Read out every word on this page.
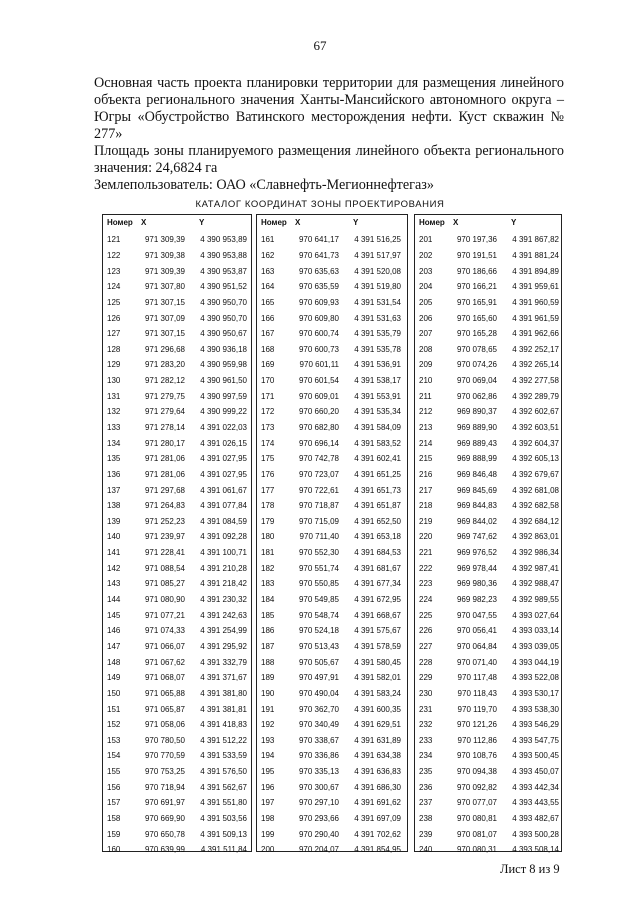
67

Основная часть проекта планировки территории для размещения линейного объекта регионального значения Ханты-Мансийского автономного округа – Югры «Обустройство Ватинского месторождения нефти. Куст скважин № 277»

Площадь зоны планируемого размещения линейного объекта регионального значения: 24,6824 га

Землепользователь: ОАО «Славнефть-Мегионнефтегаз»

КАТАЛОГ КООРДИНАТ ЗОНЫ ПРОЕКТИРОВАНИЯ
Номер	X	Y
121	971 309,39	4 390 953,89
122	971 309,38	4 390 953,88
123	971 309,39	4 390 953,87
124	971 307,80	4 390 951,52
125	971 307,15	4 390 950,70
126	971 307,09	4 390 950,70
127	971 307,15	4 390 950,67
128	971 296,68	4 390 936,18
129	971 283,20	4 390 959,98
130	971 282,12	4 390 961,50
131	971 279,75	4 390 997,59
132	971 279,64	4 390 999,22
133	971 278,14	4 391 022,03
134	971 280,17	4 391 026,15
135	971 281,06	4 391 027,95
136	971 281,06	4 391 027,95
137	971 297,68	4 391 061,67
138	971 264,83	4 391 077,84
139	971 252,23	4 391 084,59
140	971 239,97	4 391 092,28
141	971 228,41	4 391 100,71
142	971 088,54	4 391 210,28
143	971 085,27	4 391 218,42
144	971 080,90	4 391 230,32
145	971 077,21	4 391 242,63
146	971 074,33	4 391 254,99
147	971 066,07	4 391 295,92
148	971 067,62	4 391 332,79
149	971 068,07	4 391 371,67
150	971 065,88	4 391 381,80
151	971 065,87	4 391 381,81
152	971 058,06	4 391 418,83
153	970 780,50	4 391 512,22
154	970 770,59	4 391 533,59
155	970 753,25	4 391 576,50
156	970 718,94	4 391 562,67
157	970 691,97	4 391 551,80
158	970 669,90	4 391 503,56
159	970 650,78	4 391 509,13
160	970 639,99	4 391 511,84
Номер	X	Y
161	970 641,17	4 391 516,25
162	970 641,73	4 391 517,97
163	970 635,63	4 391 520,08
164	970 635,59	4 391 519,80
165	970 609,93	4 391 531,54
166	970 609,80	4 391 531,63
167	970 600,74	4 391 535,79
168	970 600,73	4 391 535,78
169	970 601,11	4 391 536,91
170	970 601,54	4 391 538,17
171	970 609,01	4 391 553,91
172	970 660,20	4 391 535,34
173	970 682,80	4 391 584,09
174	970 696,14	4 391 583,52
175	970 742,78	4 391 602,41
176	970 723,07	4 391 651,25
177	970 722,61	4 391 651,73
178	970 718,87	4 391 651,87
179	970 715,09	4 391 652,50
180	970 711,40	4 391 653,18
181	970 552,30	4 391 684,53
182	970 551,74	4 391 681,67
183	970 550,85	4 391 677,34
184	970 549,85	4 391 672,95
185	970 548,74	4 391 668,67
186	970 524,18	4 391 575,67
187	970 513,43	4 391 578,59
188	970 505,67	4 391 580,45
189	970 497,91	4 391 582,01
190	970 490,04	4 391 583,24
191	970 362,70	4 391 600,35
192	970 340,49	4 391 629,51
193	970 338,67	4 391 631,89
194	970 336,86	4 391 634,38
195	970 335,13	4 391 636,83
196	970 300,67	4 391 686,30
197	970 297,10	4 391 691,62
198	970 293,66	4 391 697,09
199	970 290,40	4 391 702,62
200	970 204,07	4 391 854,95
Номер	X	Y
201	970 197,36	4 391 867,82
202	970 191,51	4 391 881,24
203	970 186,66	4 391 894,89
204	970 166,21	4 391 959,61
205	970 165,91	4 391 960,59
206	970 165,60	4 391 961,59
207	970 165,28	4 391 962,66
208	970 078,65	4 392 252,17
209	970 074,26	4 392 265,14
210	970 069,04	4 392 277,58
211	970 062,86	4 392 289,79
212	969 890,37	4 392 602,67
213	969 889,90	4 392 603,51
214	969 889,43	4 392 604,37
215	969 888,99	4 392 605,13
216	969 846,48	4 392 679,67
217	969 845,69	4 392 681,08
218	969 844,83	4 392 682,58
219	969 844,02	4 392 684,12
220	969 747,62	4 392 863,01
221	969 976,52	4 392 986,34
222	969 978,44	4 392 987,41
223	969 980,36	4 392 988,47
224	969 982,23	4 392 989,55
225	970 047,55	4 393 027,64
226	970 056,41	4 393 033,14
227	970 064,84	4 393 039,05
228	970 071,40	4 393 044,19
229	970 117,48	4 393 522,08
230	970 118,43	4 393 530,17
231	970 119,70	4 393 538,30
232	970 121,26	4 393 546,29
233	970 112,86	4 393 547,75
234	970 108,76	4 393 500,45
235	970 094,38	4 393 450,07
236	970 092,82	4 393 442,34
237	970 077,07	4 393 443,55
238	970 080,81	4 393 482,67
239	970 081,07	4 393 500,28
240	970 080,31	4 393 508,14
Лист 8 из 9
